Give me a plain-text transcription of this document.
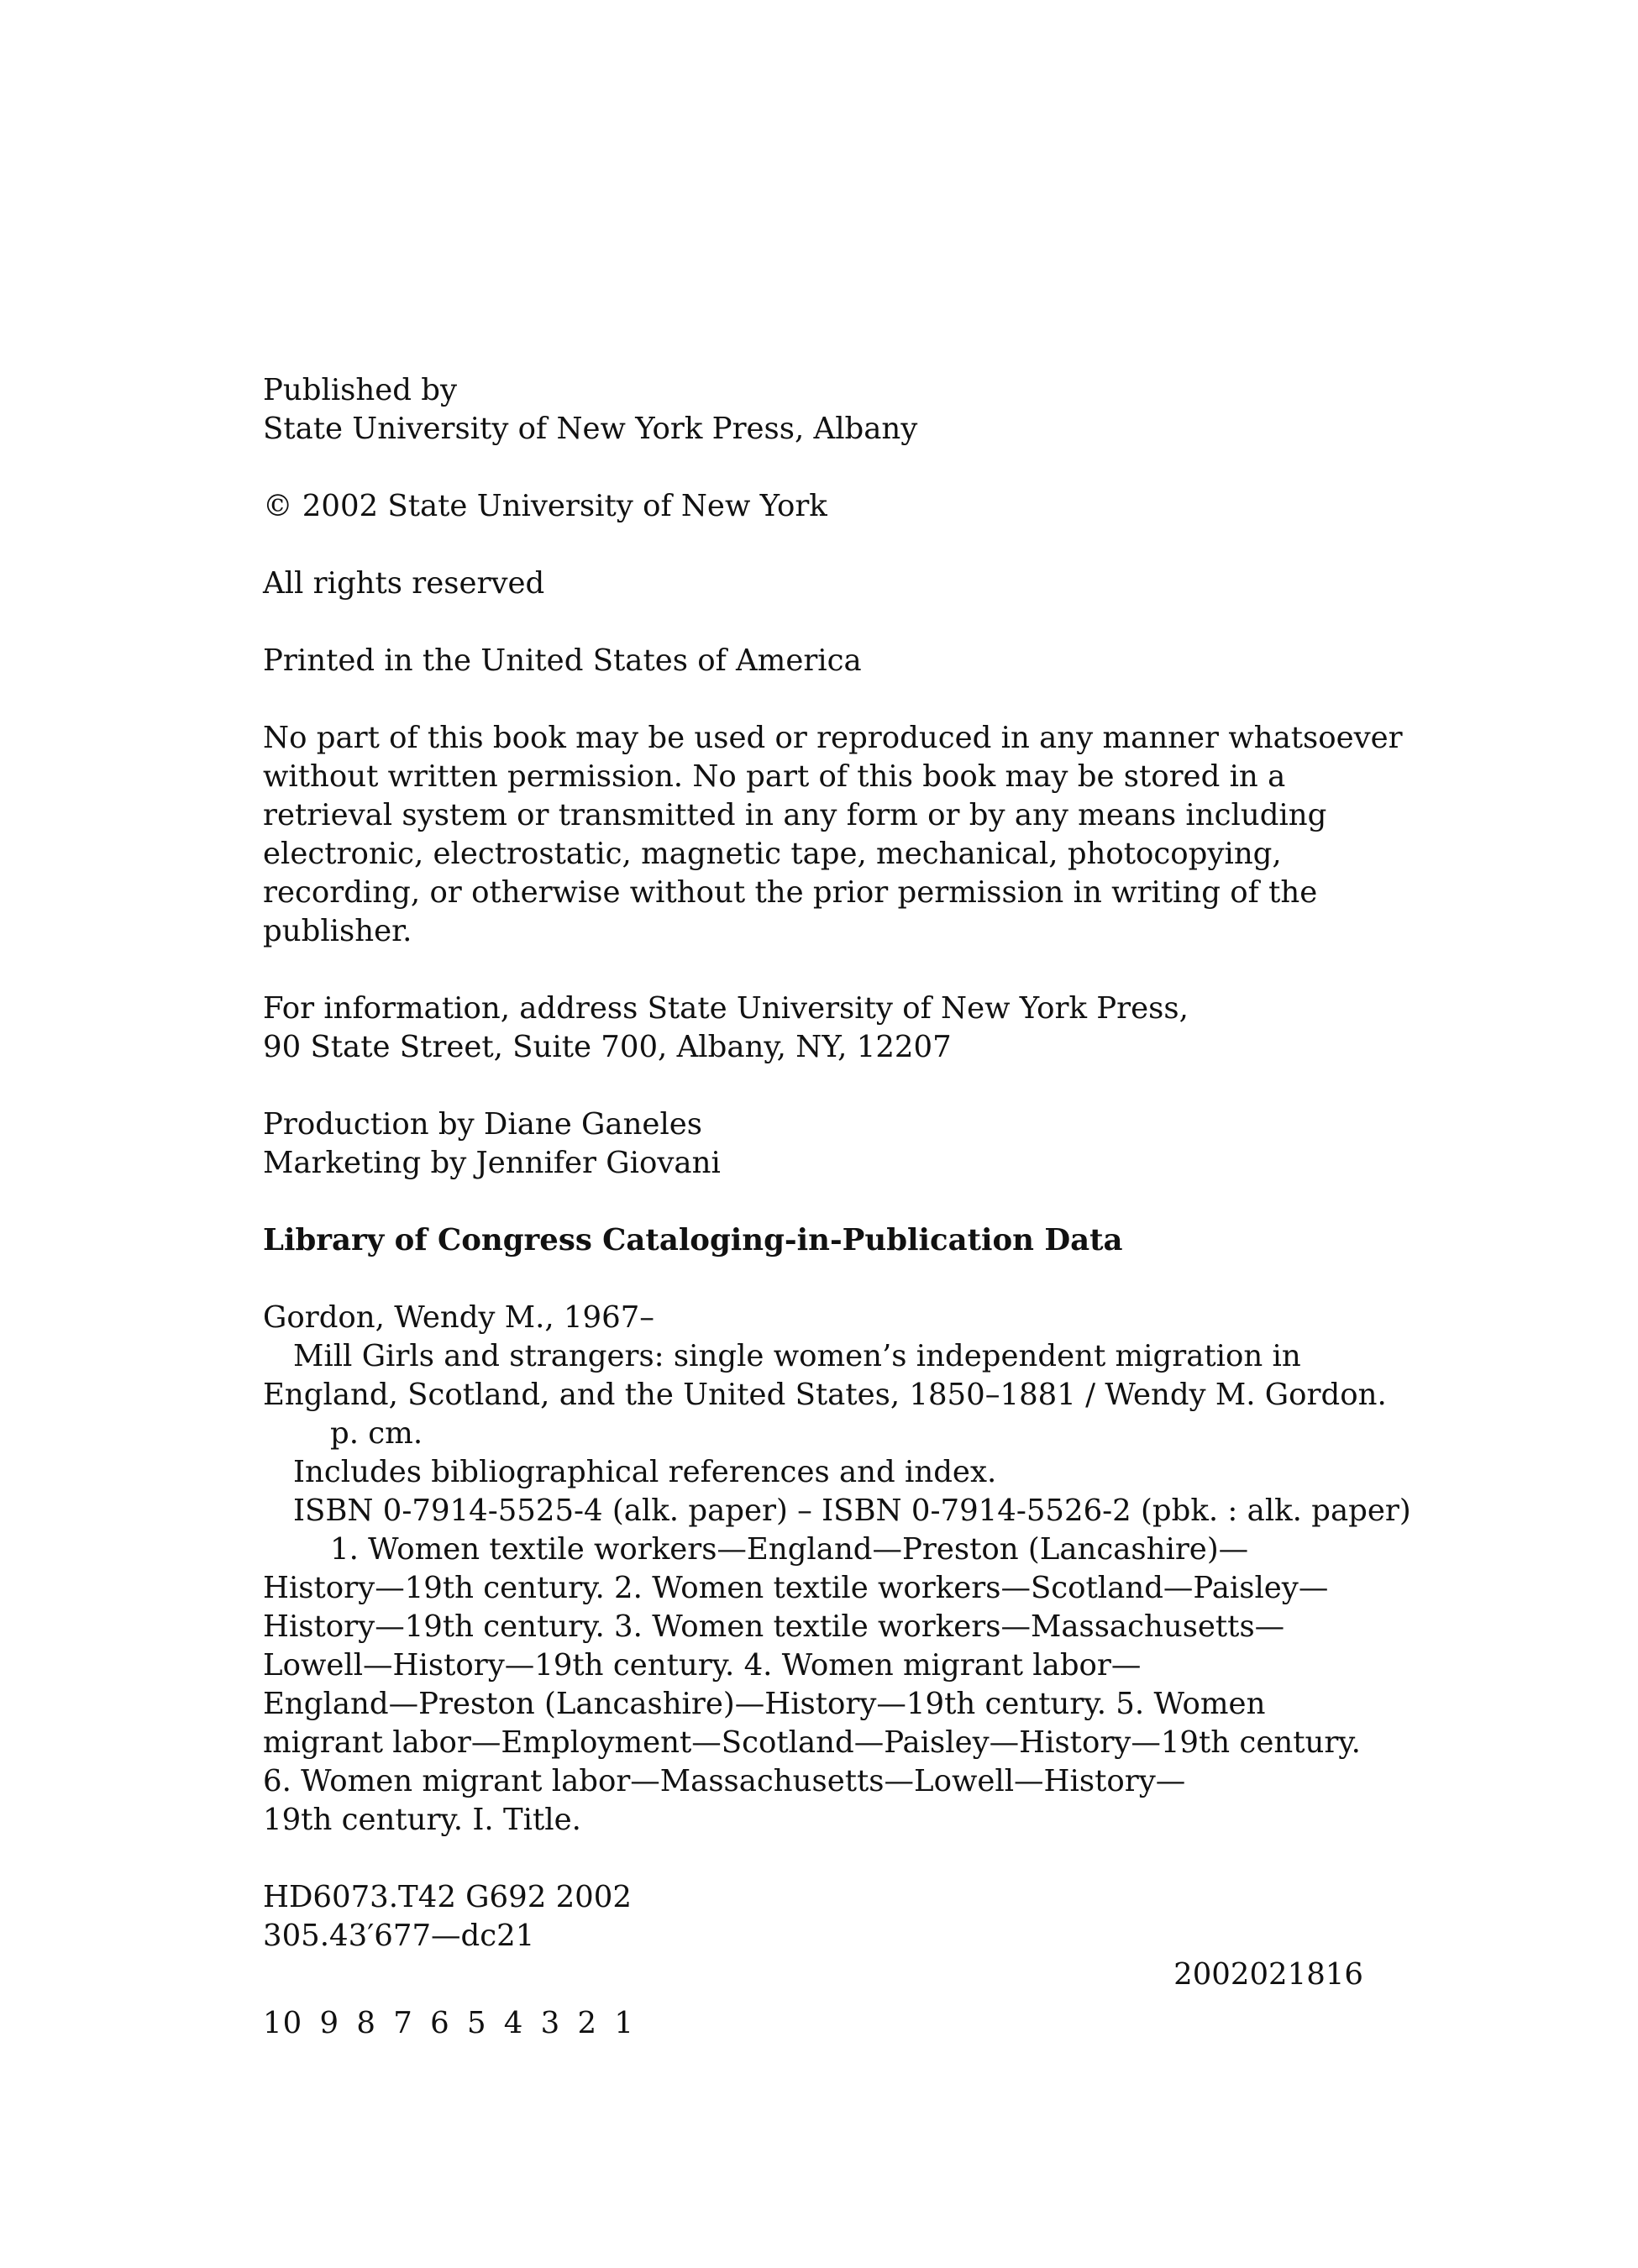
Published by
State University of New York Press, Albany
© 2002 State University of New York
All rights reserved
Printed in the United States of America
No part of this book may be used or reproduced in any manner whatsoever
without written permission. No part of this book may be stored in a
retrieval system or transmitted in any form or by any means including
electronic, electrostatic, magnetic tape, mechanical, photocopying,
recording, or otherwise without the prior permission in writing of the
publisher.
For information, address State University of New York Press,
90 State Street, Suite 700, Albany, NY, 12207
Production by Diane Ganeles
Marketing by Jennifer Giovani
Library of Congress Cataloging-in-Publication Data
Gordon, Wendy M., 1967–
Mill Girls and strangers: single women’s independent migration in
England, Scotland, and the United States, 1850–1881 / Wendy M. Gordon.
p. cm.
Includes bibliographical references and index.
ISBN 0-7914-5525-4 (alk. paper) – ISBN 0-7914-5526-2 (pbk. : alk. paper)
1. Women textile workers—England—Preston (Lancashire)—
History—19th century. 2. Women textile workers—Scotland—Paisley—
History—19th century. 3. Women textile workers—Massachusetts—
Lowell—History—19th century. 4. Women migrant labor—
England—Preston (Lancashire)—History—19th century. 5. Women
migrant labor—Employment—Scotland—Paisley—History—19th century.
6. Women migrant labor—Massachusetts—Lowell—History—
19th century. I. Title.
HD6073.T42 G692 2002
305.43′677—dc21
2002021816
10 9 8 7 6 5 4 3 2 1
